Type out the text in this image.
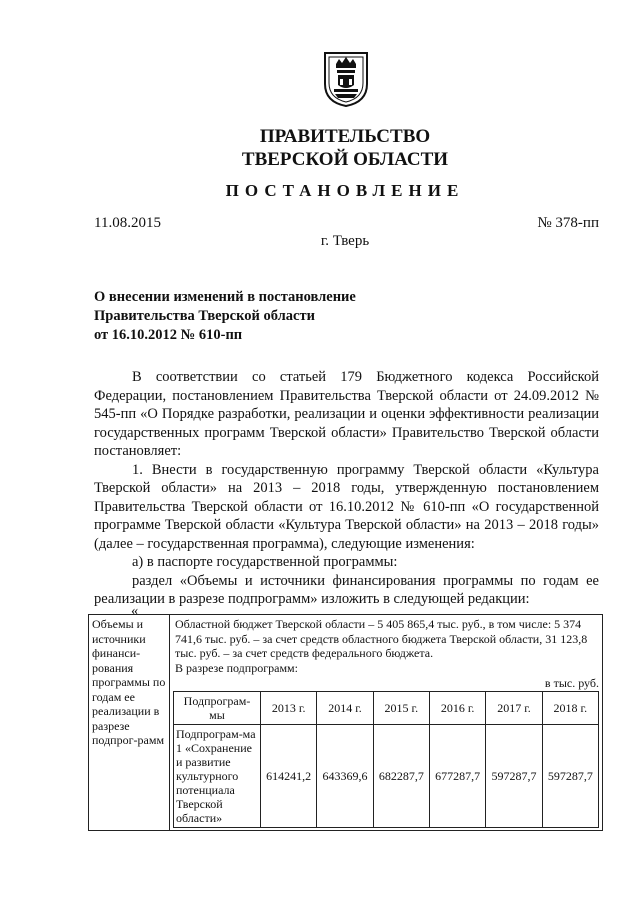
ПРАВИТЕЛЬСТВО
ТВЕРСКОЙ ОБЛАСТИ
ПОСТАНОВЛЕНИЕ
11.08.2015	№ 378-пп
г. Тверь
О внесении изменений в постановление
Правительства Тверской области
от 16.10.2012 № 610-пп

В соответствии со статьей 179 Бюджетного кодекса Российской Федерации, постановлением Правительства Тверской области от 24.09.2012 № 545-пп «О Порядке разработки, реализации и оценки эффективности реализации государственных программ Тверской области» Правительство Тверской области постановляет:

1. Внести в государственную программу Тверской области «Культура Тверской области» на 2013 – 2018 годы, утвержденную постановлением Правительства Тверской области от 16.10.2012 № 610-пп «О государственной программе Тверской области «Культура Тверской области» на 2013 – 2018 годы» (далее – государственная программа), следующие изменения:

а) в паспорте государственной программы:

раздел «Объемы и источники финансирования программы по годам ее реализации в разрезе подпрограмм» изложить в следующей редакции:

«
Объемы и источники финанси-рования программы по годам ее реализации в разрезе подпрог-рамм	
Областной бюджет Тверской области – 5 405 865,4 тыс. руб., в том числе: 5 374 741,6 тыс. руб. – за счет средств областного бюджета Тверской области, 31 123,8 тыс. руб. – за счет средств федерального бюджета.
В разрезе подпрограмм:
в тыс. руб.
Подпрограм-мы	2013 г.	2014 г.	2015 г.	2016 г.	2017 г.	2018 г.
Подпрограм-ма 1 «Сохранение и развитие культурного потенциала Тверской области»	614241,2	643369,6	682287,7	677287,7	597287,7	597287,7
